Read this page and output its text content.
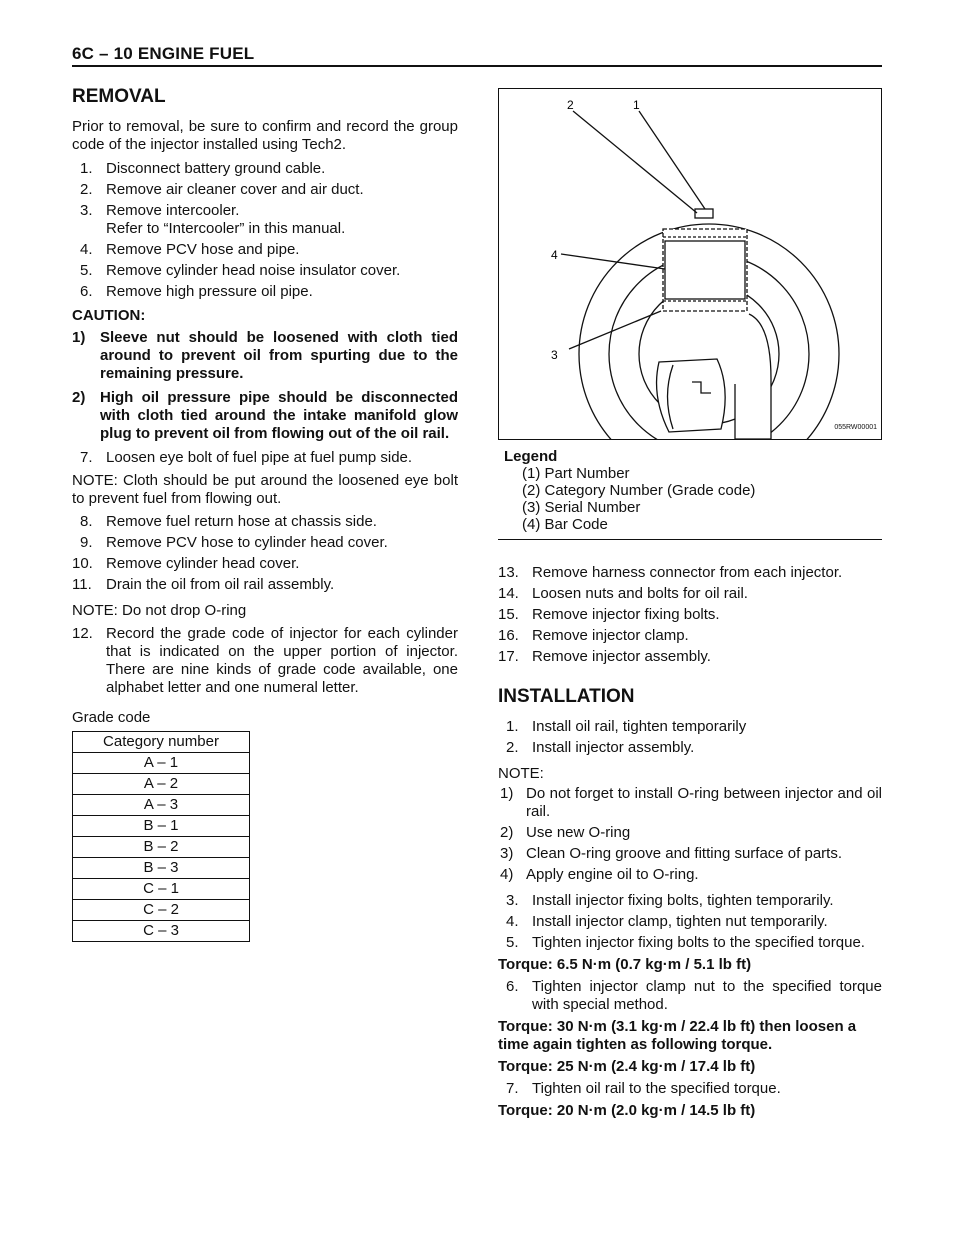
6C – 10 ENGINE FUEL
REMOVAL

Prior to removal, be sure to confirm and record the group code of the injector installed using Tech2.

1. Disconnect battery ground cable.
2. Remove air cleaner cover and air duct.
3. Remove intercooler.
Refer to “Intercooler” in this manual.
4. Remove PCV hose and pipe.
5. Remove cylinder head noise insulator cover.
6. Remove high pressure oil pipe.
CAUTION:
1) Sleeve nut should be loosened with cloth tied around to prevent oil from spurting due to the remaining pressure.
2) High oil pressure pipe should be disconnected with cloth tied around the intake manifold glow plug to prevent oil from flowing out of the oil rail.
7. Loosen eye bolt of fuel pipe at fuel pump side.

NOTE: Cloth should be put around the loosened eye bolt to prevent fuel from flowing out.

8. Remove fuel return hose at chassis side.
9. Remove PCV hose to cylinder head cover.
10. Remove cylinder head cover.
11. Drain the oil from oil rail assembly.

NOTE: Do not drop O-ring

12. Record the grade code of injector for each cylinder that is indicated on the upper portion of injector. There are nine kinds of grade code available, one alphabet letter and one numeral letter.
Grade code
Category number
A – 1
A – 2
A – 3
B – 1
B – 2
B – 3
C – 1
C – 2
C – 3
2	1
4
3
055RW00001
Legend
(1) Part Number
(2) Category Number (Grade code)
(3) Serial Number
(4) Bar Code
13. Remove harness connector from each injector.
14. Loosen nuts and bolts for oil rail.
15. Remove injector fixing bolts.
16. Remove injector clamp.
17. Remove injector assembly.
INSTALLATION
1. Install oil rail, tighten temporarily
2. Install injector assembly.

NOTE:

1) Do not forget to install O-ring between injector and oil rail.
2) Use new O-ring
3) Clean O-ring groove and fitting surface of parts.
4) Apply engine oil to O-ring.
3. Install injector fixing bolts, tighten temporarily.
4. Install injector clamp, tighten nut temporarily.
5. Tighten injector fixing bolts to the specified torque.
Torque: 6.5 N·m (0.7 kg·m / 5.1 lb ft)
6. Tighten injector clamp nut to the specified torque with special method.
Torque: 30 N·m (3.1 kg·m / 22.4 lb ft) then loosen a time again tighten as following torque.
Torque: 25 N·m (2.4 kg·m / 17.4 lb ft)
7. Tighten oil rail to the specified torque.
Torque: 20 N·m (2.0 kg·m / 14.5 lb ft)
